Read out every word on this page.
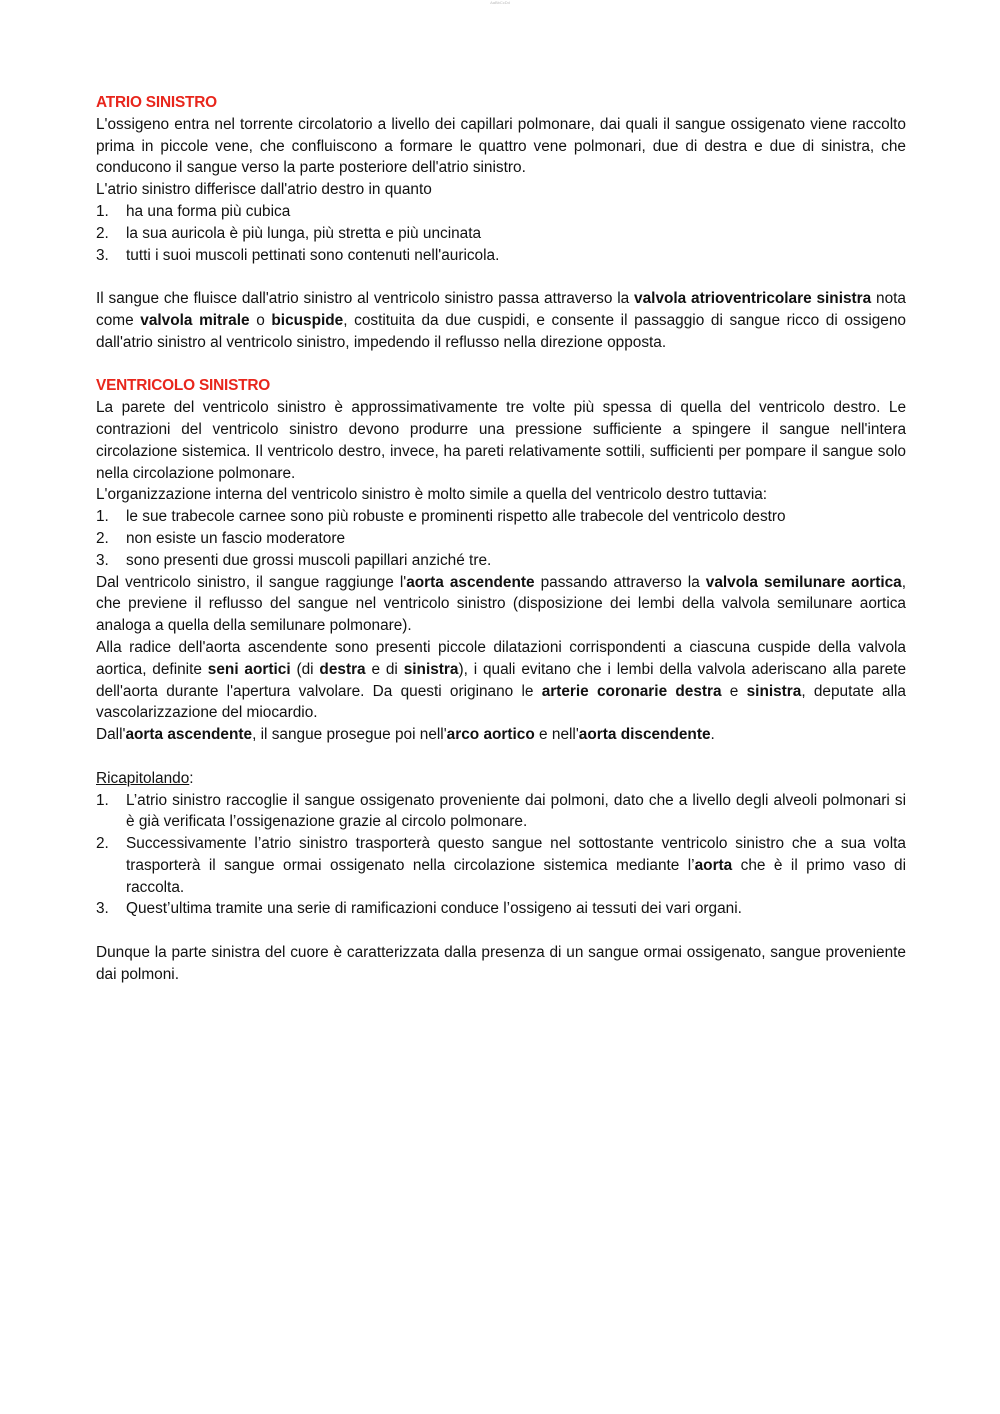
AaBbCcDd
ATRIO SINISTRO

L'ossigeno entra nel torrente circolatorio a livello dei capillari polmonare, dai quali il sangue ossigenato viene raccolto prima in piccole vene, che confluiscono a formare le quattro vene polmonari, due di destra e due di sinistra, che conducono il sangue verso la parte posteriore dell'atrio sinistro.

L'atrio sinistro differisce dall'atrio destro in quanto

1. ha una forma più cubica
2. la sua auricola è più lunga, più stretta e più uncinata
3. tutti i suoi muscoli pettinati sono contenuti nell'auricola.

Il sangue che fluisce dall'atrio sinistro al ventricolo sinistro passa attraverso la valvola atrioventricolare sinistra nota come valvola mitrale o bicuspide, costituita da due cuspidi, e consente il passaggio di sangue ricco di ossigeno dall'atrio sinistro al ventricolo sinistro, impedendo il reflusso nella direzione opposta.

VENTRICOLO SINISTRO

La parete del ventricolo sinistro è approssimativamente tre volte più spessa di quella del ventricolo destro. Le contrazioni del ventricolo sinistro devono produrre una pressione sufficiente a spingere il sangue nell'intera circolazione sistemica. Il ventricolo destro, invece, ha pareti relativamente sottili, sufficienti per pompare il sangue solo nella circolazione polmonare.

L'organizzazione interna del ventricolo sinistro è molto simile a quella del ventricolo destro tuttavia:

1. le sue trabecole carnee sono più robuste e prominenti rispetto alle trabecole del ventricolo destro
2. non esiste un fascio moderatore
3. sono presenti due grossi muscoli papillari anziché tre.

Dal ventricolo sinistro, il sangue raggiunge l'aorta ascendente passando attraverso la valvola semilunare aortica, che previene il reflusso del sangue nel ventricolo sinistro (disposizione dei lembi della valvola semilunare aortica analoga a quella della semilunare polmonare).

Alla radice dell'aorta ascendente sono presenti piccole dilatazioni corrispondenti a ciascuna cuspide della valvola aortica, definite seni aortici (di destra e di sinistra), i quali evitano che i lembi della valvola aderiscano alla parete dell'aorta durante l'apertura valvolare. Da questi originano le arterie coronarie destra e sinistra, deputate alla vascolarizzazione del miocardio.

Dall'aorta ascendente, il sangue prosegue poi nell'arco aortico e nell'aorta discendente.

Ricapitolando:
1. L’atrio sinistro raccoglie il sangue ossigenato proveniente dai polmoni, dato che a livello degli alveoli polmonari si è già verificata l’ossigenazione grazie al circolo polmonare.
2. Successivamente l’atrio sinistro trasporterà questo sangue nel sottostante ventricolo sinistro che a sua volta trasporterà il sangue ormai ossigenato nella circolazione sistemica mediante l’aorta che è il primo vaso di raccolta.
3. Quest’ultima tramite una serie di ramificazioni conduce l’ossigeno ai tessuti dei vari organi.

Dunque la parte sinistra del cuore è caratterizzata dalla presenza di un sangue ormai ossigenato, sangue proveniente dai polmoni.
